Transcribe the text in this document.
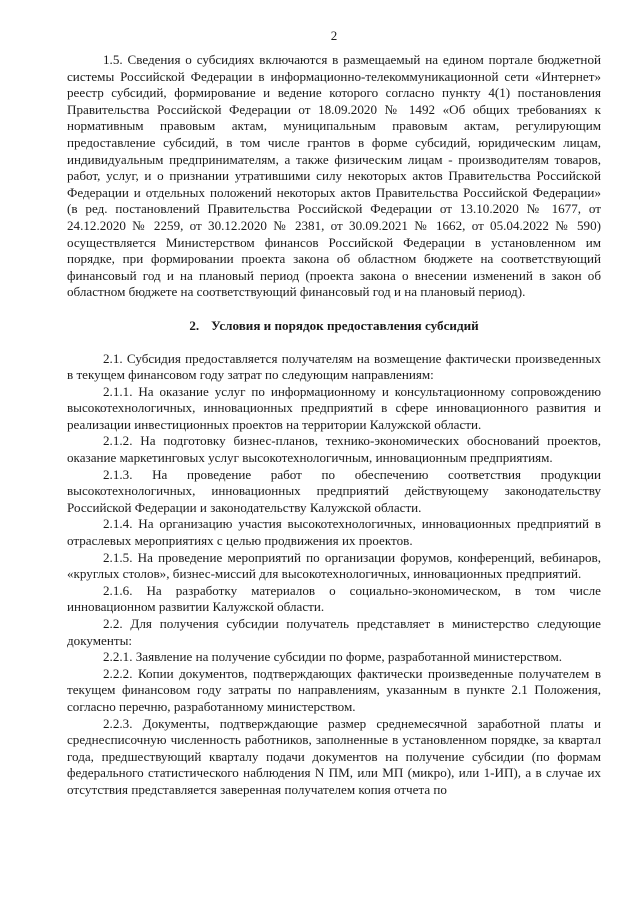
2

1.5. Сведения о субсидиях включаются в размещаемый на едином портале бюджетной системы Российской Федерации в информационно-телекоммуникационной сети «Интернет» реестр субсидий, формирование и ведение которого согласно пункту 4(1) постановления Правительства Российской Федерации от 18.09.2020 № 1492 «Об общих требованиях к нормативным правовым актам, муниципальным правовым актам, регулирующим предоставление субсидий, в том числе грантов в форме субсидий, юридическим лицам, индивидуальным предпринимателям, а также физическим лицам - производителям товаров, работ, услуг, и о признании утратившими силу некоторых актов Правительства Российской Федерации и отдельных положений некоторых актов Правительства Российской Федерации» (в ред. постановлений Правительства Российской Федерации от 13.10.2020 № 1677, от 24.12.2020 № 2259, от 30.12.2020 № 2381, от 30.09.2021 № 1662, от 05.04.2022 № 590) осуществляется Министерством финансов Российской Федерации в установленном им порядке, при формировании проекта закона об областном бюджете на соответствующий финансовый год и на плановый период (проекта закона о внесении изменений в закон об областном бюджете на соответствующий финансовый год и на плановый период).

2. Условия и порядок предоставления субсидий

2.1. Субсидия предоставляется получателям на возмещение фактически произведенных в текущем финансовом году затрат по следующим направлениям:

2.1.1. На оказание услуг по информационному и консультационному сопровождению высокотехнологичных, инновационных предприятий в сфере инновационного развития и реализации инвестиционных проектов на территории Калужской области.

2.1.2. На подготовку бизнес-планов, технико-экономических обоснований проектов, оказание маркетинговых услуг высокотехнологичным, инновационным предприятиям.

2.1.3. На проведение работ по обеспечению соответствия продукции высокотехнологичных, инновационных предприятий действующему законодательству Российской Федерации и законодательству Калужской области.

2.1.4. На организацию участия высокотехнологичных, инновационных предприятий в отраслевых мероприятиях с целью продвижения их проектов.

2.1.5. На проведение мероприятий по организации форумов, конференций, вебинаров, «круглых столов», бизнес-миссий для высокотехнологичных, инновационных предприятий.

2.1.6. На разработку материалов о социально-экономическом, в том числе инновационном развитии Калужской области.

2.2. Для получения субсидии получатель представляет в министерство следующие документы:

2.2.1. Заявление на получение субсидии по форме, разработанной министерством.

2.2.2. Копии документов, подтверждающих фактически произведенные получателем в текущем финансовом году затраты по направлениям, указанным в пункте 2.1 Положения, согласно перечню, разработанному министерством.

2.2.3. Документы, подтверждающие размер среднемесячной заработной платы и среднесписочную численность работников, заполненные в установленном порядке, за квартал года, предшествующий кварталу подачи документов на получение субсидии (по формам федерального статистического наблюдения N ПМ, или МП (микро), или 1-ИП), а в случае их отсутствия представляется заверенная получателем копия отчета по
